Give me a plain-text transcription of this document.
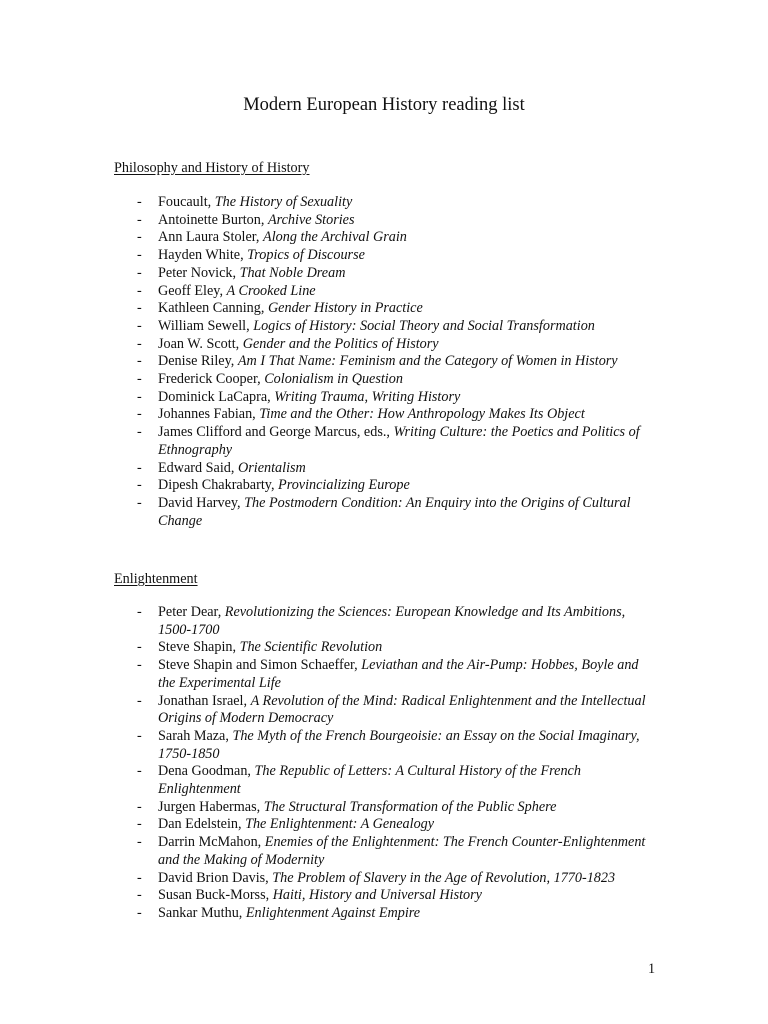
Modern European History reading list
Philosophy and History of History
- Foucault, The History of Sexuality
- Antoinette Burton, Archive Stories
- Ann Laura Stoler, Along the Archival Grain
- Hayden White, Tropics of Discourse
- Peter Novick, That Noble Dream
- Geoff Eley, A Crooked Line
- Kathleen Canning, Gender History in Practice
- William Sewell, Logics of History: Social Theory and Social Transformation
- Joan W. Scott, Gender and the Politics of History
- Denise Riley, Am I That Name: Feminism and the Category of Women in History
- Frederick Cooper, Colonialism in Question
- Dominick LaCapra, Writing Trauma, Writing History
- Johannes Fabian, Time and the Other: How Anthropology Makes Its Object
- James Clifford and George Marcus, eds., Writing Culture: the Poetics and Politics of Ethnography
- Edward Said, Orientalism
- Dipesh Chakrabarty, Provincializing Europe
- David Harvey, The Postmodern Condition: An Enquiry into the Origins of Cultural Change
Enlightenment
- Peter Dear, Revolutionizing the Sciences: European Knowledge and Its Ambitions, 1500-1700
- Steve Shapin, The Scientific Revolution
- Steve Shapin and Simon Schaeffer, Leviathan and the Air-Pump: Hobbes, Boyle and the Experimental Life
- Jonathan Israel, A Revolution of the Mind: Radical Enlightenment and the Intellectual Origins of Modern Democracy
- Sarah Maza, The Myth of the French Bourgeoisie: an Essay on the Social Imaginary, 1750-1850
- Dena Goodman, The Republic of Letters: A Cultural History of the French Enlightenment
- Jurgen Habermas, The Structural Transformation of the Public Sphere
- Dan Edelstein, The Enlightenment: A Genealogy
- Darrin McMahon, Enemies of the Enlightenment: The French Counter-Enlightenment and the Making of Modernity
- David Brion Davis, The Problem of Slavery in the Age of Revolution, 1770-1823
- Susan Buck-Morss, Haiti, History and Universal History
- Sankar Muthu, Enlightenment Against Empire
1
